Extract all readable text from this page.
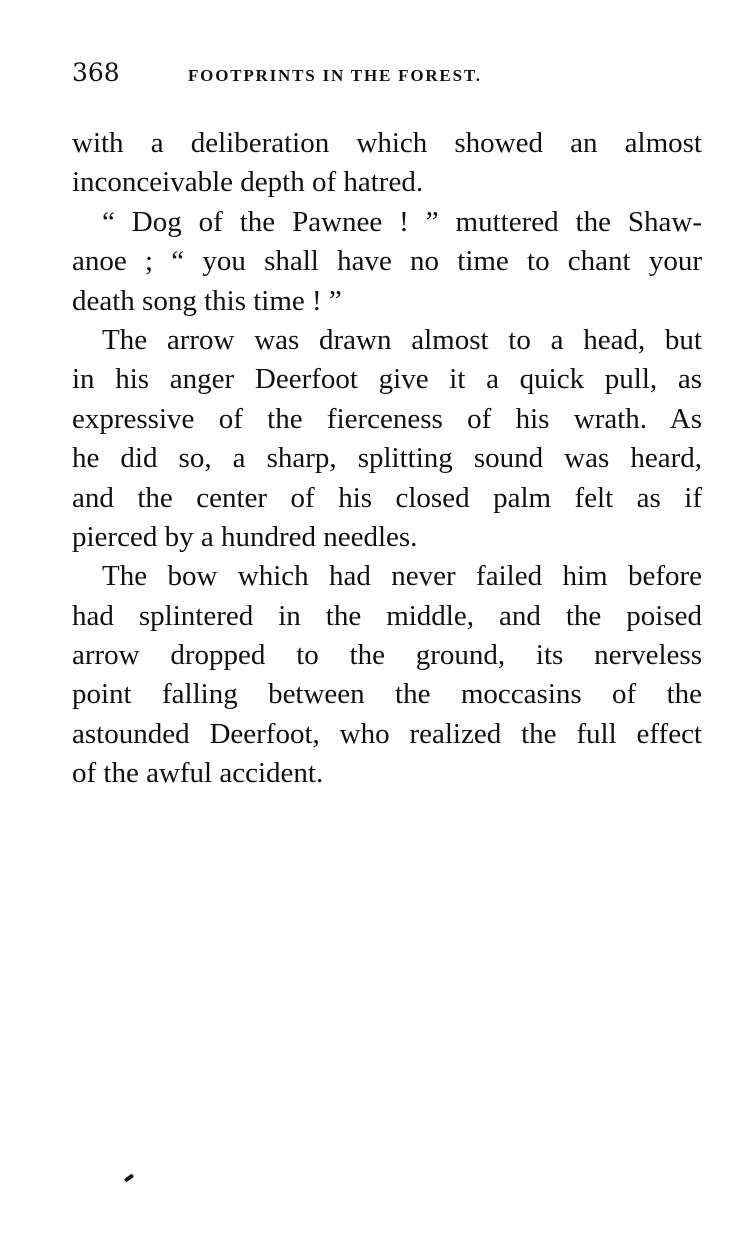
368	FOOTPRINTS IN THE FOREST.
with a deliberation which showed an almost
inconceivable depth of hatred.
“ Dog of the Pawnee ! ” muttered the Shaw-
anoe ; “ you shall have no time to chant your
death song this time ! ”
The arrow was drawn almost to a head, but
in his anger Deerfoot give it a quick pull, as
expressive of the fierceness of his wrath. As
he did so, a sharp, splitting sound was heard,
and the center of his closed palm felt as if
pierced by a hundred needles.
The bow which had never failed him before
had splintered in the middle, and the poised
arrow dropped to the ground, its nerveless
point falling between the moccasins of the
astounded Deerfoot, who realized the full effect
of the awful accident.
